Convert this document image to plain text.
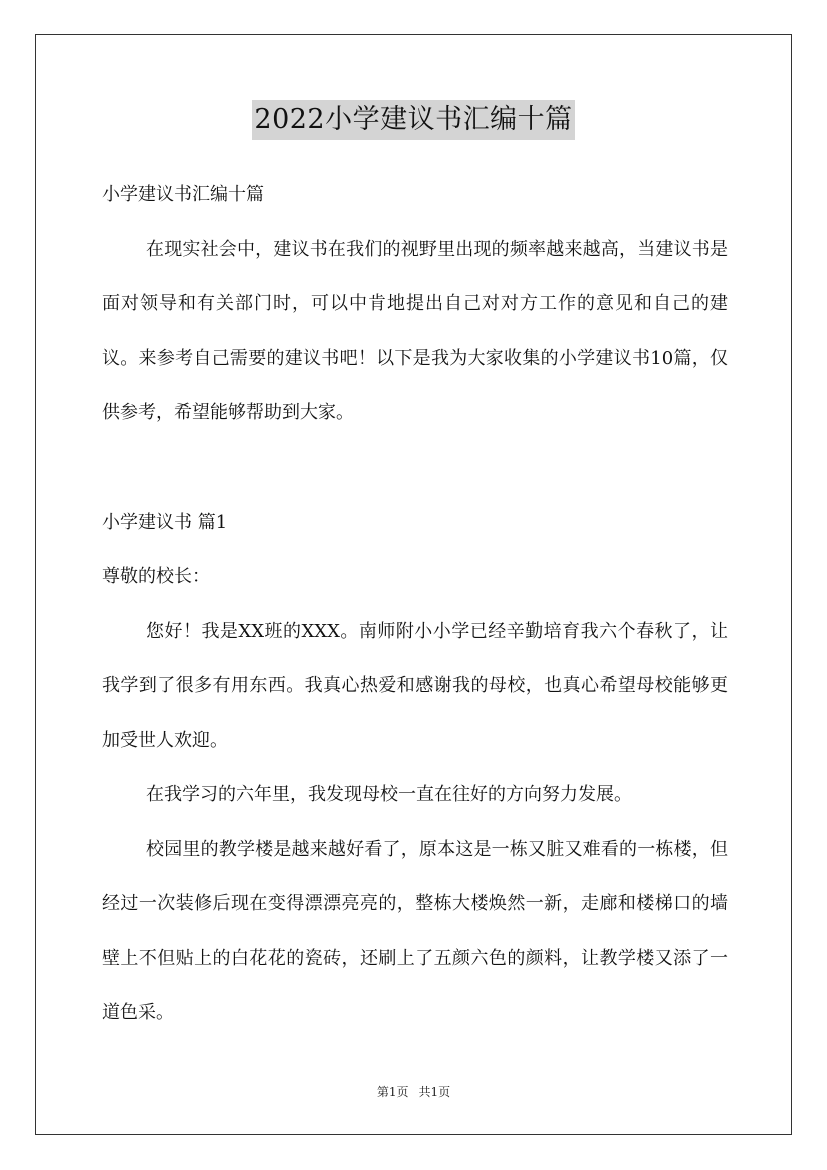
2022小学建议书汇编十篇

小学建议书汇编十篇

在现实社会中，建议书在我们的视野里出现的频率越来越高，当建议书是面对领导和有关部门时，可以中肯地提出自己对对方工作的意见和自己的建议。来参考自己需要的建议书吧！以下是我为大家收集的小学建议书10篇，仅供参考，希望能够帮助到大家。

小学建议书 篇1

尊敬的校长：

您好！我是XX班的XXX。南师附小小学已经辛勤培育我六个春秋了，让我学到了很多有用东西。我真心热爱和感谢我的母校，也真心希望母校能够更加受世人欢迎。

在我学习的六年里，我发现母校一直在往好的方向努力发展。

校园里的教学楼是越来越好看了，原本这是一栋又脏又难看的一栋楼，但经过一次装修后现在变得漂漂亮亮的，整栋大楼焕然一新，走廊和楼梯口的墙壁上不但贴上的白花花的瓷砖，还刷上了五颜六色的颜料，让教学楼又添了一道色采。

第1页 共1页
